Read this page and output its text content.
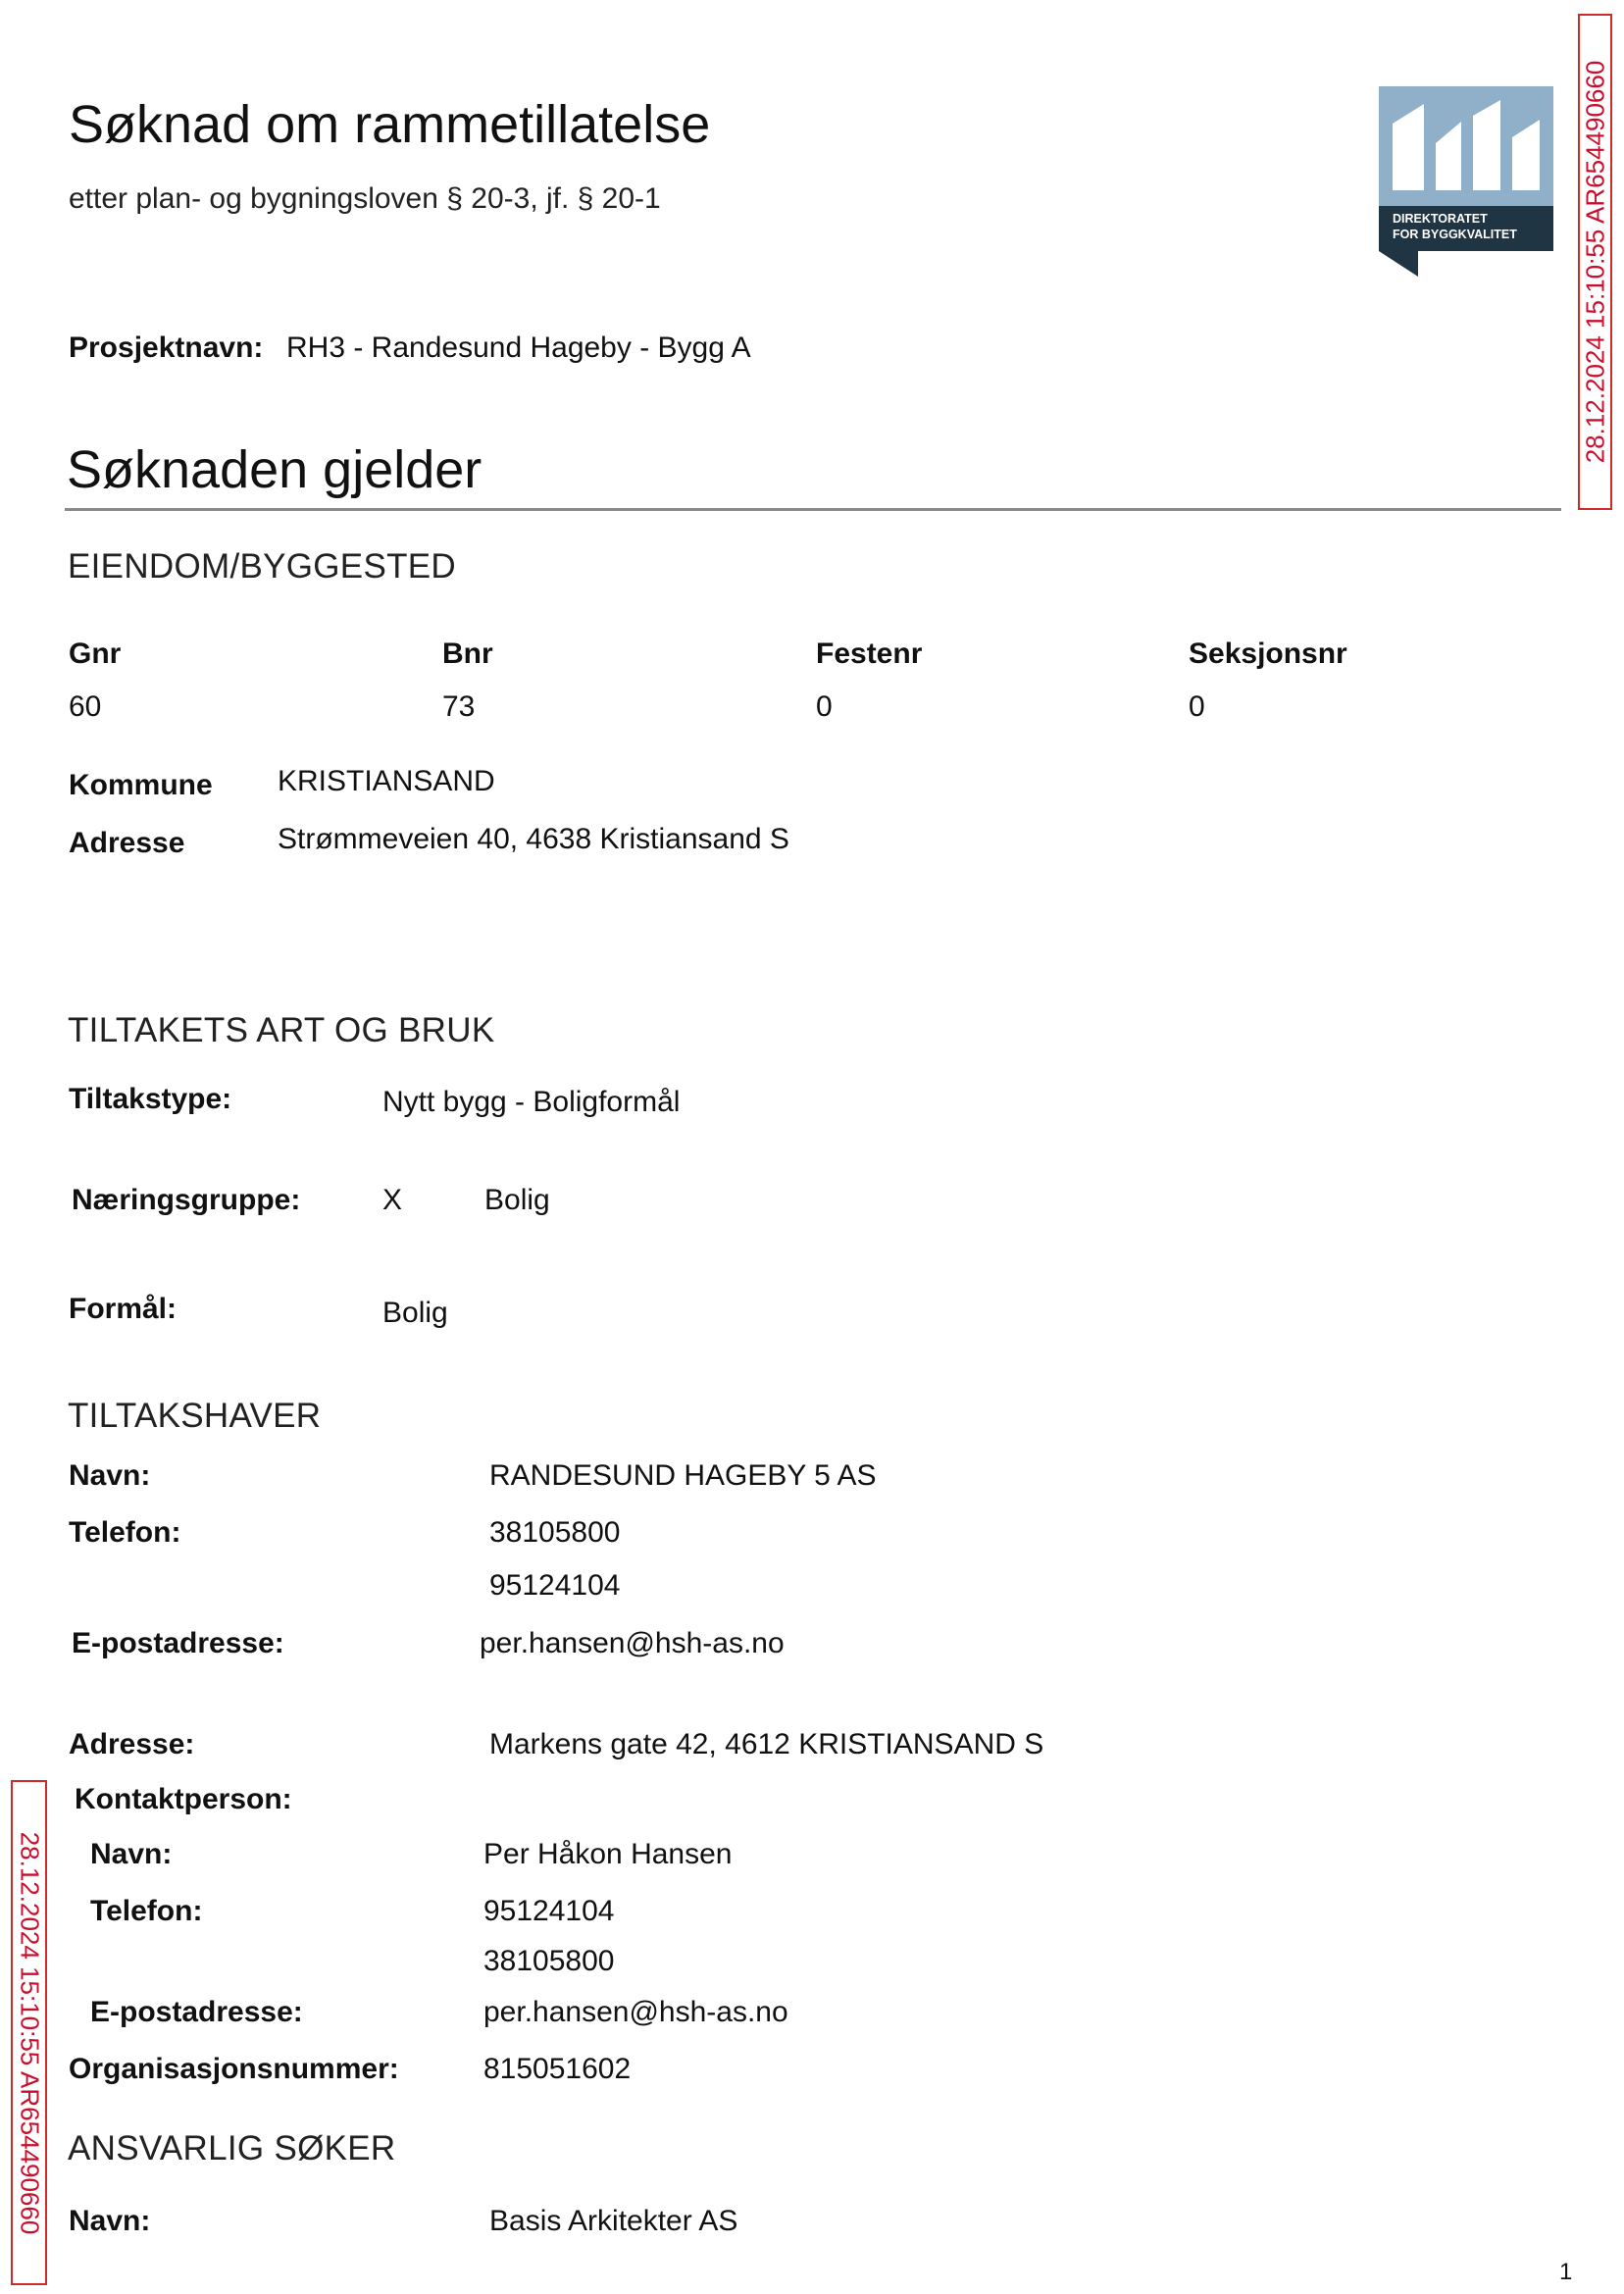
Søknad om rammetillatelse
etter plan- og bygningsloven § 20-3, jf. § 20-1
DIREKTORATET
FOR BYGGKVALITET
Prosjektnavn: RH3 - Randesund Hageby - Bygg A
Søknaden gjelder
EIENDOM/BYGGESTED
Gnr	Bnr	Festenr	Seksjonsnr
60	73	0	0
Kommune KRISTIANSAND
Adresse	Strømmeveien 40, 4638 Kristiansand S
TILTAKETS ART OG BRUK
Tiltakstype:	Nytt bygg - Boligformål
Næringsgruppe:	X	Bolig
Formål:	Bolig
TILTAKSHAVER
Navn:	RANDESUND HAGEBY 5 AS
Telefon:	38105800
95124104
E-postadresse:	per.hansen@hsh-as.no
Adresse:	Markens gate 42, 4612 KRISTIANSAND S
Kontaktperson:
Navn:	Per Håkon Hansen
Telefon:	95124104
38105800
E-postadresse:	per.hansen@hsh-as.no
Organisasjonsnummer:	815051602
ANSVARLIG SØKER
Navn:	Basis Arkitekter AS
28.12.2024 15:10:55 AR654490660
28.12.2024 15:10:55 AR654490660
1
